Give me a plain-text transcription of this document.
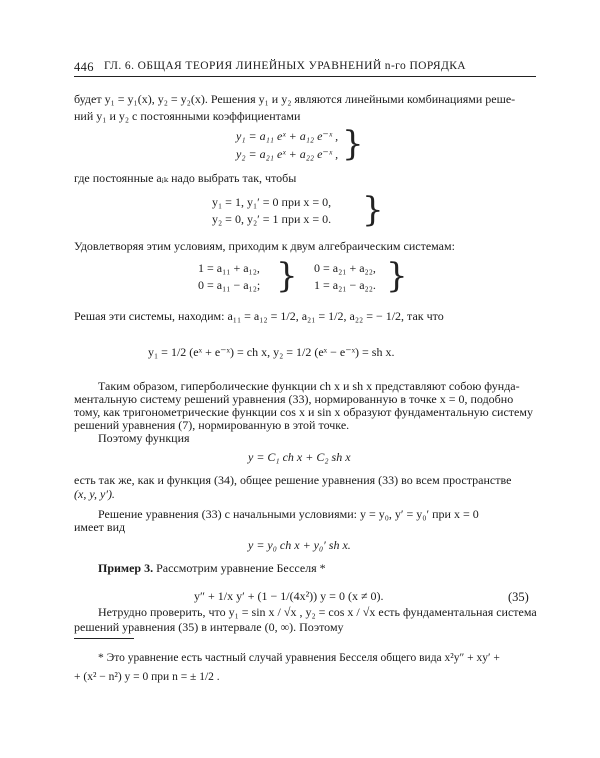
446 ГЛ. 6. ОБЩАЯ ТЕОРИЯ ЛИНЕЙНЫХ УРАВНЕНИЙ n-го ПОРЯДКА
будет y₁ = y₁(x), y₂ = y₂(x). Решения y₁ и y₂ являются линейными комбинациями реше-
ний y₁ и y₂ с постоянными коэффициентами
y₁ = a₁₁ eˣ + a₁₂ e⁻ˣ ,
y₂ = a₂₁ eˣ + a₂₂ e⁻ˣ , }
где постоянные aᵢₖ надо выбрать так, чтобы
y₁ = 1, y₁′ = 0 при x = 0,
y₂ = 0, y₂′ = 1 при x = 0. }
Удовлетворяя этим условиям, приходим к двум алгебраическим системам:
1 = a₁₁ + a₁₂,
0 = a₁₁ − a₁₂; } 0 = a₂₁ + a₂₂,
1 = a₂₁ − a₂₂. }
Решая эти системы, находим: a₁₁ = a₁₂ = 1/2, a₂₁ = 1/2, a₂₂ = − 1/2, так что
y₁ = 1/2 (eˣ + e⁻ˣ) = ch x, y₂ = 1/2 (eˣ − e⁻ˣ) = sh x.
Таким образом, гиперболические функции ch x и sh x представляют собою фунда-
ментальную систему решений уравнения (33), нормированную в точке x = 0, подобно
тому, как тригонометрические функции cos x и sin x образуют фундаментальную систему
решений уравнения (7), нормированную в этой точке.
Поэтому функция
y = C₁ ch x + C₂ sh x
есть так же, как и функция (34), общее решение уравнения (33) во всем пространстве
(x, y, y′).
Решение уравнения (33) с начальными условиями: y = y₀, y′ = y₀′ при x = 0
имеет вид
y = y₀ ch x + y₀′ sh x.
Пример 3. Рассмотрим уравнение Бесселя *
y″ + 1/x y′ + (1 − 1/(4x²)) y = 0 (x ≠ 0).	(35)
Нетрудно проверить, что y₁ = sin x / √x , y₂ = cos x / √x есть фундаментальная система
решений уравнения (35) в интервале (0, ∞). Поэтому
* Это уравнение есть частный случай уравнения Бесселя общего вида x²y″ + xy′ +
+ (x² − n²) y = 0 при n = ± 1/2 .
